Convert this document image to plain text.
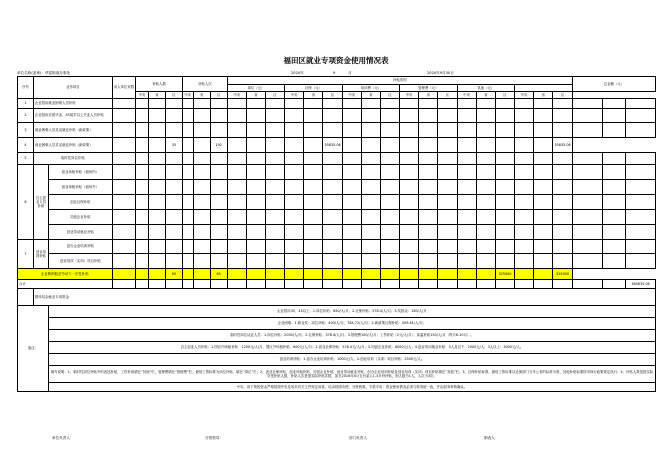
福田区就业专项资金使用情况表
单位名称(盖章)：华富街道办事处	2020年	9	月	2020年9月30日
序号	业务项目		用人单位家数	补贴人数			补贴人次			补贴类别																		总金额（元）		
										岗位（元）			社保（元）			培训费（元）			管理费（元）			其他（元）								
				中央	省	区	中央	省	区	中央	省	区	中央	省	区	中央	省	区	中央	省	区	中央	省	区	中央	省	区			
1	企业招用就业困难人员补贴																													
2	企业招用应届毕业、45周岁以上失业人员补贴																													
3	就业困难人员灵活就业补贴（新政策）																													
4	就业困难人员灵活就业补贴（新政策）					35			192						55835.06												55835.06			
5	临时性岗位补贴																													
6	自主创业人员补贴	创业场租补贴（租场内）																												
		创业场租补贴（租场外）																												
		创业社保补贴																												
		初创企业补贴																												
		创业带动就业补贴																												
7	创业培训补贴	创办企业培训补贴																												
		创业培训（实训）项目补贴																												
企业吸纳脱贫劳动力一次性补贴						65			65															325000			325000			
合计																														380835.06
	期末结余就业专项资金：																													
备注：		企业招用35、45以上：1.岗位补贴：850/人/月；2.社保补贴：578.4/人/月；3.奖励金：180/人/月																												
		企业困难：1.职业奖：岗位补贴：400/人/月，784.72/人/月；2.新政策社保补贴：509.81/人/月；																												
		临时性岗位从业人员：1.岗位补贴：2030/人/月；2.社保补贴：578.4/人/月；3.管理费100/人/月；工伤补贴（2元/人/月）；高温补贴150/人/月（每月6-10月）。																												
		自主创业人员补贴：1.园区内场租补贴：1200元/人/月，园区外场租补贴：600元/人/月；2.创业社保补贴：578.4元/人/月；3.初创企业补贴：6000元/人；4.创业带动就业补贴：3人及以下：2000元/人，3人以上：3000元/人。																												
		创业培训补贴：1.创办企业培训补贴：1000元/人；2.创业培训（实训）项目补贴：2500元/人。																												
		填写说明：1、临时性岗位补贴中的表述补贴，工伤补贴填在“其他”栏，管理费填在“管理费”栏，最低工资标准为岗位补贴，填在“岗位”栏；2、创业社保补贴、创业场租补贴、初创企业补贴、创业带动就业补贴、创办企业培训补贴及创业培训（实训）项目补贴填在“其他”栏；3、社保补贴标准、最低工资标准以社保部门当年公布的标准为准，其他补贴标准按市现行政策规定执行；4、补贴人数是指实际享受补贴人数，补贴人次是指实际补贴次数，如在2016年4月支付某人1-3月份补贴，则人数为1人，人次为3次。																												
		中央、省下拨的资金严格按照中央及省市有关文件规定用款、结余按照市使、分账核算，专款专用；资金使用情况必须与财务统一致，并由财务审核确认。																												
单位负责人：	分管领导：	部门负责人：	制表人：
